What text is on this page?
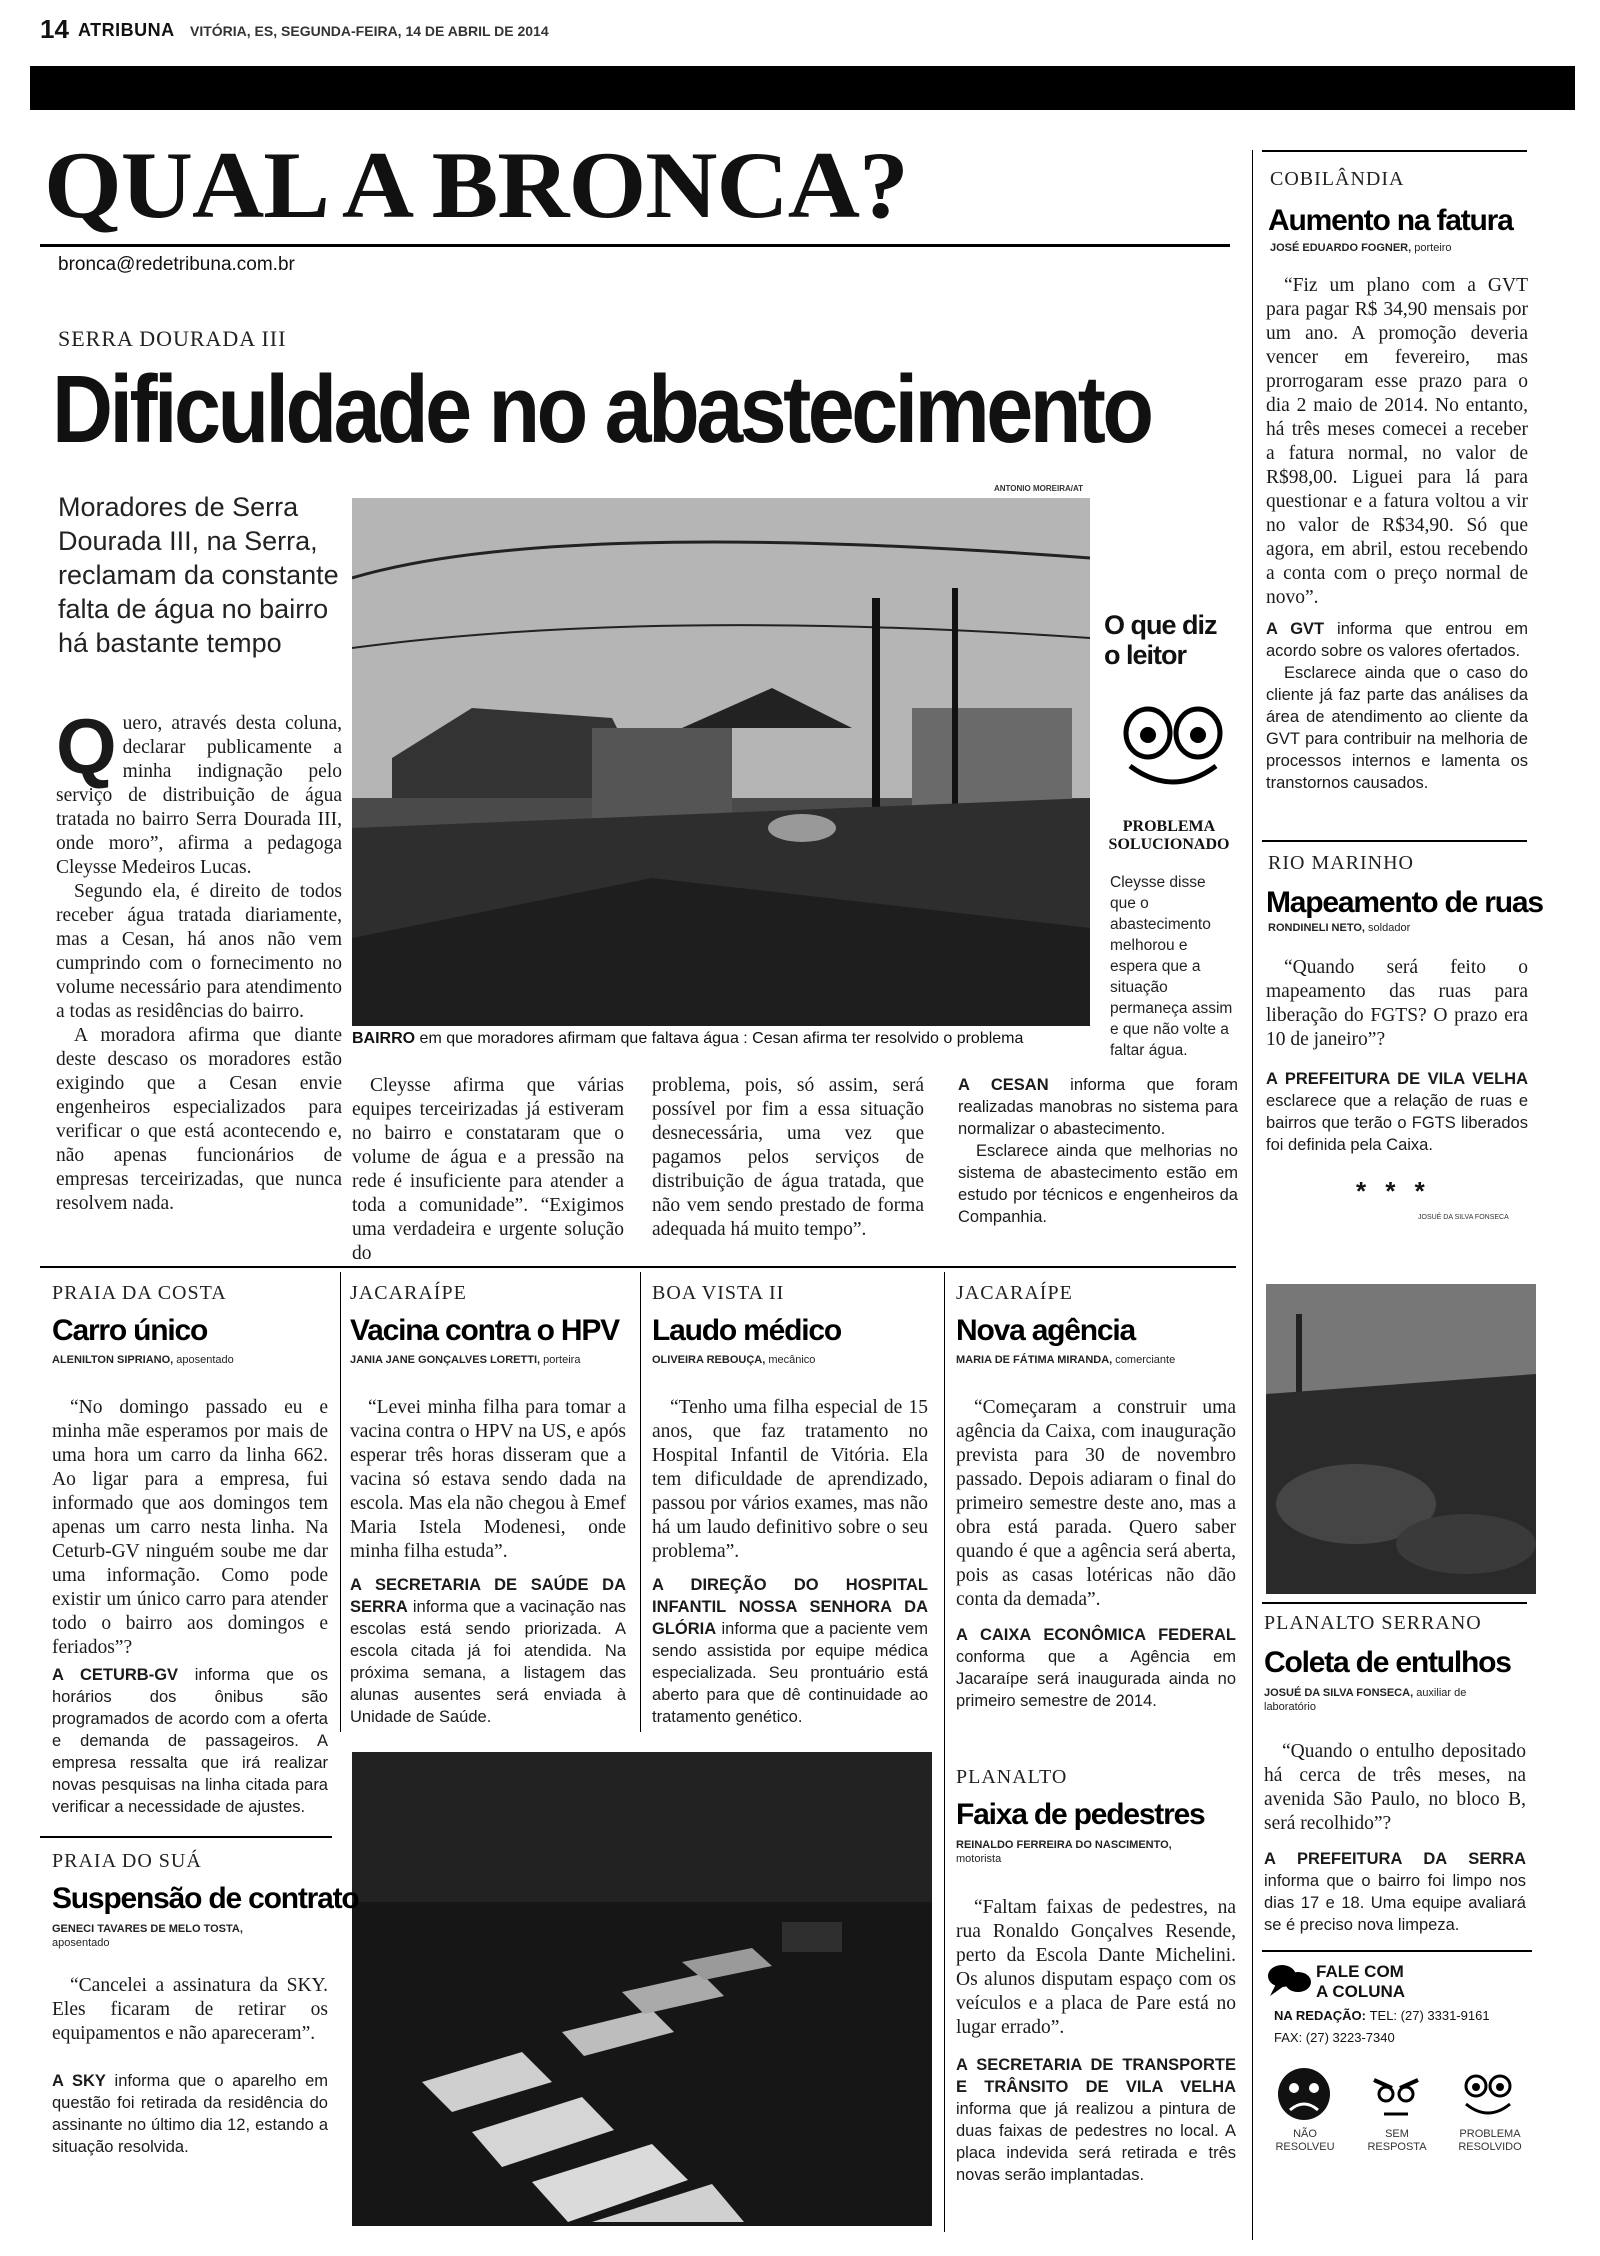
14 ATRIBUNA VITÓRIA, ES, SEGUNDA-FEIRA, 14 DE ABRIL DE 2014
QUAL A BRONCA?
bronca@redetribuna.com.br
SERRA DOURADA III
Dificuldade no abastecimento
Moradores de Serra Dourada III, na Serra, reclamam da constante falta de água no bairro há bastante tempo
ANTONIO MOREIRA/AT
BAIRRO em que moradores afirmam que faltava água : Cesan afirma ter resolvido o problema
O que diz o leitor
PROBLEMA SOLUCIONADO
Cleysse disse que o abastecimento melhorou e espera que a situação permaneça assim e que não volte a faltar água.

Quero, através desta coluna, declarar publicamente a minha indignação pelo serviço de distribuição de água tratada no bairro Serra Dourada III, onde moro”, afirma a pedagoga Cleysse Medeiros Lucas.

Segundo ela, é direito de todos receber água tratada diariamente, mas a Cesan, há anos não vem cumprindo com o fornecimento no volume necessário para atendimento a todas as residências do bairro.

A moradora afirma que diante deste descaso os moradores estão exigindo que a Cesan envie engenheiros especializados para verificar o que está acontecendo e, não apenas funcionários de empresas terceirizadas, que nunca resolvem nada.

Cleysse afirma que várias equipes terceirizadas já estiveram no bairro e constataram que o volume de água e a pressão na rede é insuficiente para atender a toda a comunidade”. “Exigimos uma verdadeira e urgente solução do
problema, pois, só assim, será possível por fim a essa situação desnecessária, uma vez que pagamos pelos serviços de distribuição de água tratada, que não vem sendo prestado de forma adequada há muito tempo”.
A CESAN informa que foram realizadas manobras no sistema para normalizar o abastecimento.
Esclarece ainda que melhorias no sistema de abastecimento estão em estudo por técnicos e engenheiros da Companhia.
COBILÂNDIA
Aumento na fatura
JOSÉ EDUARDO FOGNER, porteiro
“Fiz um plano com a GVT para pagar R$ 34,90 mensais por um ano. A promoção deveria vencer em fevereiro, mas prorrogaram esse prazo para o dia 2 maio de 2014. No entanto, há três meses comecei a receber a fatura normal, no valor de R$98,00. Liguei para lá para questionar e a fatura voltou a vir no valor de R$34,90. Só que agora, em abril, estou recebendo a conta com o preço normal de novo”.
A GVT informa que entrou em acordo sobre os valores ofertados.
Esclarece ainda que o caso do cliente já faz parte das análises da área de atendimento ao cliente da GVT para contribuir na melhoria de processos internos e lamenta os transtornos causados.
RIO MARINHO
Mapeamento de ruas
RONDINELI NETO, soldador
“Quando será feito o mapeamento das ruas para liberação do FGTS? O prazo era 10 de janeiro”?
A PREFEITURA DE VILA VELHA esclarece que a relação de ruas e bairros que terão o FGTS liberados foi definida pela Caixa.
* * *
JOSUÉ DA SILVA FONSECA
PLANALTO SERRANO
Coleta de entulhos
JOSUÉ DA SILVA FONSECA, auxiliar de laboratório
“Quando o entulho depositado há cerca de três meses, na avenida São Paulo, no bloco B, será recolhido”?
A PREFEITURA DA SERRA informa que o bairro foi limpo nos dias 17 e 18. Uma equipe avaliará se é preciso nova limpeza.
FALE COM
A COLUNA
NA REDAÇÃO: TEL: (27) 3331-9161
FAX: (27) 3223-7340
NÃO RESOLVEU
SEM RESPOSTA
PROBLEMA RESOLVIDO
PRAIA DA COSTA
Carro único
ALENILTON SIPRIANO, aposentado
“No domingo passado eu e minha mãe esperamos por mais de uma hora um carro da linha 662. Ao ligar para a empresa, fui informado que aos domingos tem apenas um carro nesta linha. Na Ceturb-GV ninguém soube me dar uma informação. Como pode existir um único carro para atender todo o bairro aos domingos e feriados”?
A CETURB-GV informa que os horários dos ônibus são programados de acordo com a oferta e demanda de passageiros. A empresa ressalta que irá realizar novas pesquisas na linha citada para verificar a necessidade de ajustes.
JACARAÍPE
Vacina contra o HPV
JANIA JANE GONÇALVES LORETTI, porteira
“Levei minha filha para tomar a vacina contra o HPV na US, e após esperar três horas disseram que a vacina só estava sendo dada na escola. Mas ela não chegou à Emef Maria Istela Modenesi, onde minha filha estuda”.
A SECRETARIA DE SAÚDE DA SERRA informa que a vacinação nas escolas está sendo priorizada. A escola citada já foi atendida. Na próxima semana, a listagem das alunas ausentes será enviada à Unidade de Saúde.
BOA VISTA II
Laudo médico
OLIVEIRA REBOUÇA, mecânico
“Tenho uma filha especial de 15 anos, que faz tratamento no Hospital Infantil de Vitória. Ela tem dificuldade de aprendizado, passou por vários exames, mas não há um laudo definitivo sobre o seu problema”.
A DIREÇÃO DO HOSPITAL INFANTIL NOSSA SENHORA DA GLÓRIA informa que a paciente vem sendo assistida por equipe médica especializada. Seu prontuário está aberto para que dê continuidade ao tratamento genético.
JACARAÍPE
Nova agência
MARIA DE FÁTIMA MIRANDA, comerciante
“Começaram a construir uma agência da Caixa, com inauguração prevista para 30 de novembro passado. Depois adiaram o final do primeiro semestre deste ano, mas a obra está parada. Quero saber quando é que a agência será aberta, pois as casas lotéricas não dão conta da demada”.
A CAIXA ECONÔMICA FEDERAL conforma que a Agência em Jacaraípe será inaugurada ainda no primeiro semestre de 2014.
PRAIA DO SUÁ
Suspensão de contrato
GENECI TAVARES DE MELO TOSTA, aposentado
“Cancelei a assinatura da SKY. Eles ficaram de retirar os equipamentos e não apareceram”.
A SKY informa que o aparelho em questão foi retirada da residência do assinante no último dia 12, estando a situação resolvida.
PLANALTO
Faixa de pedestres
REINALDO FERREIRA DO NASCIMENTO, motorista
“Faltam faixas de pedestres, na rua Ronaldo Gonçalves Resende, perto da Escola Dante Michelini. Os alunos disputam espaço com os veículos e a placa de Pare está no lugar errado”.
A SECRETARIA DE TRANSPORTE E TRÂNSITO DE VILA VELHA informa que já realizou a pintura de duas faixas de pedestres no local. A placa indevida será retirada e três novas serão implantadas.
